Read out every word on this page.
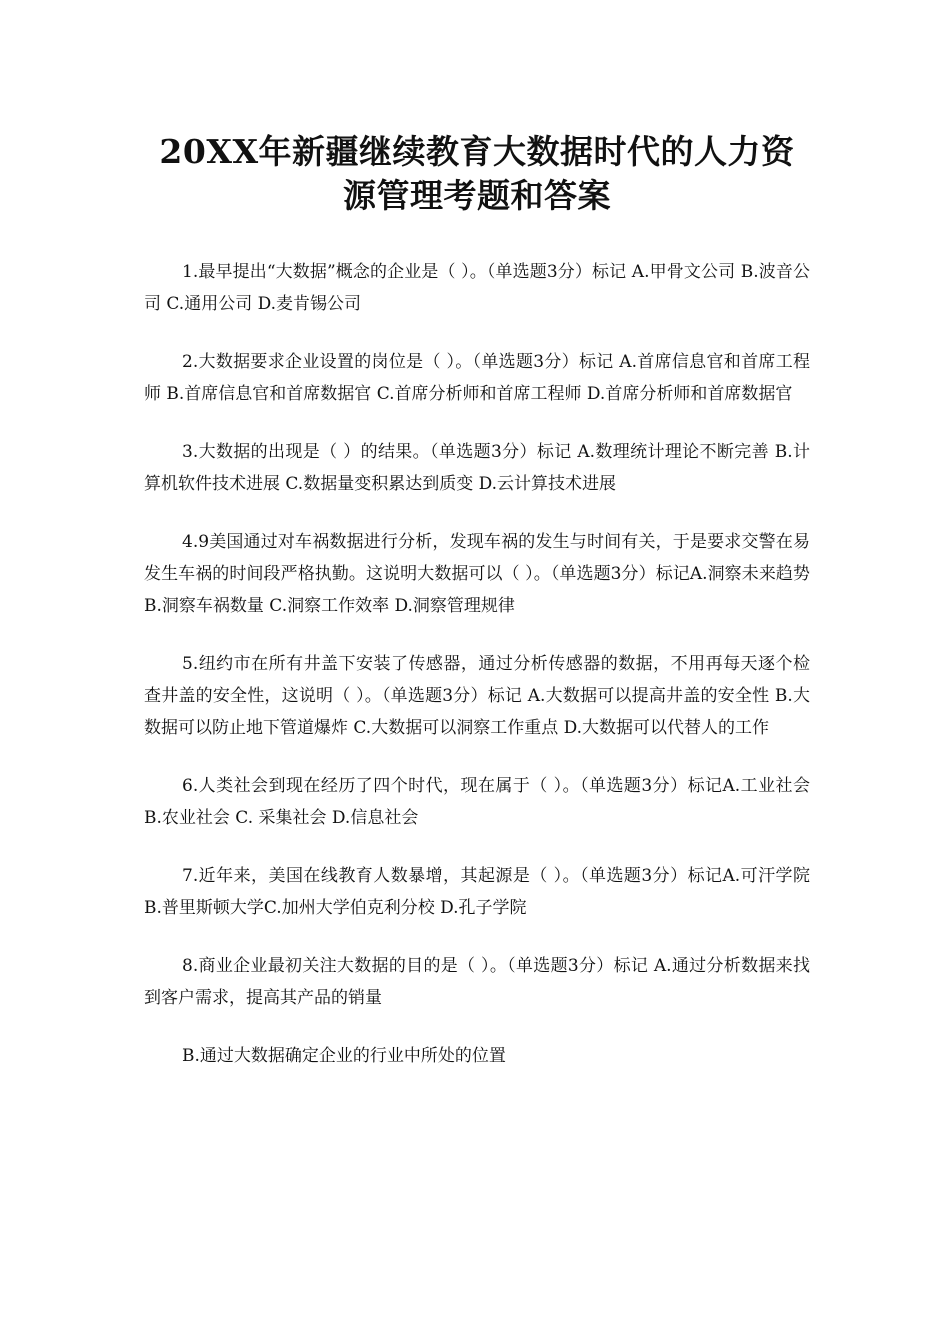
20XX年新疆继续教育大数据时代的人力资
源管理考题和答案

1.最早提出“大数据”概念的企业是（ ）。（单选题3分）标记 A.甲骨文公司 B.波音公司 C.通用公司 D.麦肯锡公司

2.大数据要求企业设置的岗位是（ ）。（单选题3分）标记 A.首席信息官和首席工程师 B.首席信息官和首席数据官 C.首席分析师和首席工程师 D.首席分析师和首席数据官

3.大数据的出现是（ ）的结果。（单选题3分）标记 A.数理统计理论不断完善 B.计算机软件技术进展 C.数据量变积累达到质变 D.云计算技术进展

4.9美国通过对车祸数据进行分析，发现车祸的发生与时间有关，于是要求交警在易发生车祸的时间段严格执勤。这说明大数据可以（ ）。（单选题3分）标记A.洞察未来趋势 B.洞察车祸数量 C.洞察工作效率 D.洞察管理规律

5.纽约市在所有井盖下安装了传感器，通过分析传感器的数据，不用再每天逐个检查井盖的安全性，这说明（ ）。（单选题3分）标记 A.大数据可以提高井盖的安全性 B.大数据可以防止地下管道爆炸 C.大数据可以洞察工作重点 D.大数据可以代替人的工作

6.人类社会到现在经历了四个时代，现在属于（ ）。（单选题3分）标记A.工业社会 B.农业社会 C. 采集社会 D.信息社会

7.近年来，美国在线教育人数暴增，其起源是（ ）。（单选题3分）标记A.可汗学院 B.普里斯顿大学C.加州大学伯克利分校 D.孔子学院

8.商业企业最初关注大数据的目的是（ ）。（单选题3分）标记 A.通过分析数据来找到客户需求，提高其产品的销量

B.通过大数据确定企业的行业中所处的位置
